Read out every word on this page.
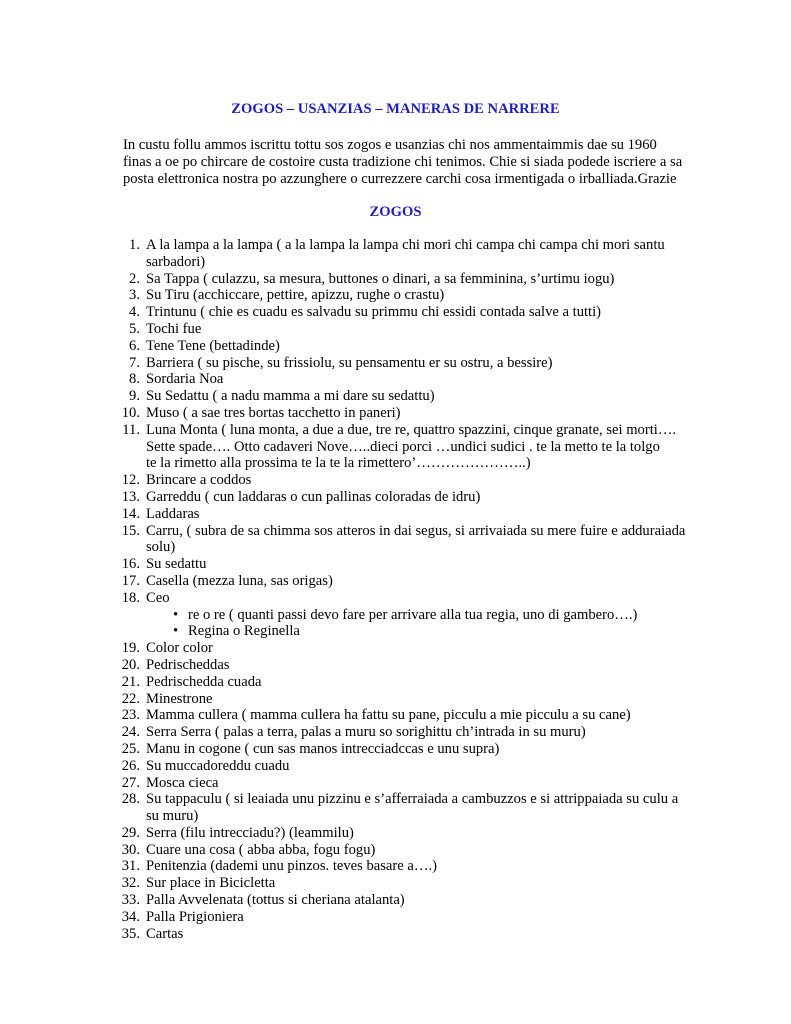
ZOGOS – USANZIAS – MANERAS DE NARRERE
In custu follu ammos iscrittu tottu sos zogos e usanzias chi nos ammentaimmis dae su 1960
finas a oe po chircare de costoire custa tradizione chi tenimos. Chie si siada podede iscriere a sa
posta elettronica nostra po azzunghere o currezzere carchi cosa irmentigada o irballiada.Grazie
ZOGOS
1. A la lampa a la lampa ( a la lampa la lampa chi mori chi campa chi campa chi mori santu
sarbadori)
2. Sa Tappa ( culazzu, sa mesura, buttones o dinari, a sa femminina, s’urtimu iogu)
3. Su Tiru (acchiccare, pettire, apizzu, rughe o crastu)
4. Trintunu ( chie es cuadu es salvadu su primmu chi essidi contada salve a tutti)
5. Tochi fue
6. Tene Tene (bettadinde)
7. Barriera ( su pische, su frissiolu, su pensamentu er su ostru, a bessire)
8. Sordaria Noa
9. Su Sedattu ( a nadu mamma a mi dare su sedattu)
10. Muso ( a sae tres bortas tacchetto in paneri)
11. Luna Monta ( luna monta, a due a due, tre re, quattro spazzini, cinque granate, sei morti….
Sette spade…. Otto cadaveri Nove…..dieci porci …undici sudici . te la metto te la tolgo
te la rimetto alla prossima te la te la rimettero’…………………..)
12. Brincare a coddos
13. Garreddu ( cun laddaras o cun pallinas coloradas de idru)
14. Laddaras
15. Carru, ( subra de sa chimma sos atteros in dai segus, si arrivaiada su mere fuire e adduraiada
solu)
16. Su sedattu
17. Casella (mezza luna, sas origas)
18. Ceo
• re o re ( quanti passi devo fare per arrivare alla tua regia, uno di gambero….)
• Regina o Reginella
19. Color color
20. Pedrischeddas
21. Pedrischedda cuada
22. Minestrone
23. Mamma cullera ( mamma cullera ha fattu su pane, picculu a mie picculu a su cane)
24. Serra Serra ( palas a terra, palas a muru so sorighittu ch’intrada in su muru)
25. Manu in cogone ( cun sas manos intrecciadccas e unu supra)
26. Su muccadoreddu cuadu
27. Mosca cieca
28. Su tappaculu ( si leaiada unu pizzinu e s’afferraiada a cambuzzos e si attrippaiada su culu a
su muru)
29. Serra (filu intrecciadu?) (leammilu)
30. Cuare una cosa ( abba abba, fogu fogu)
31. Penitenzia (dademi unu pinzos. teves basare a….)
32. Sur place in Bicicletta
33. Palla Avvelenata (tottus si cheriana atalanta)
34. Palla Prigioniera
35. Cartas
